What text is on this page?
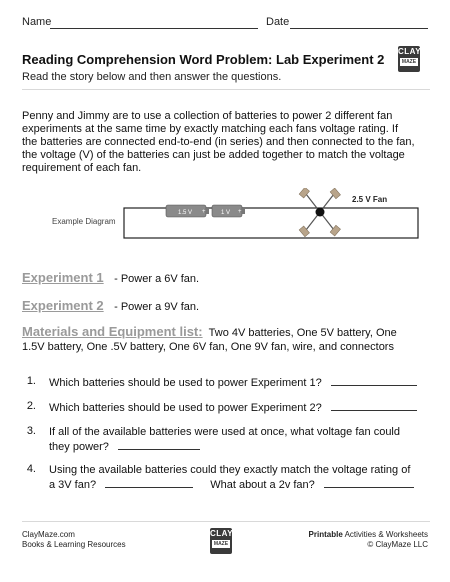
Name	Date
Reading Comprehension Word Problem: Lab Experiment 2
Read the story below and then answer the questions.
CLAY
MAZE
Penny and Jimmy are to use a collection of batteries to power 2 different fan
experiments at the same time by exactly matching each fans voltage rating. If
the batteries are connected end-to-end (in series) and then connected to the fan,
the voltage (V) of the batteries can just be added together to match the voltage
requirement of each fan.
Example Diagram
1.5 V +	1 V +
2.5 V Fan
Experiment 1 - Power a 6V fan.
Experiment 2 - Power a 9V fan.
Materials and Equipment list: Two 4V batteries, One 5V battery, One
1.5V battery, One .5V battery, One 6V fan, One 9V fan, wire, and connectors
1. Which batteries should be used to power Experiment 1?
2. Which batteries should be used to power Experiment 2?
3. If all of the available batteries were used at once, what voltage fan could
they power?
4. Using the available batteries could they exactly match the voltage rating of
a 3V fan?	What about a 2v fan?
ClayMaze.com
Books & Learning Resources
CLAY
MAZE
Printable Activities & Worksheets
© ClayMaze LLC
